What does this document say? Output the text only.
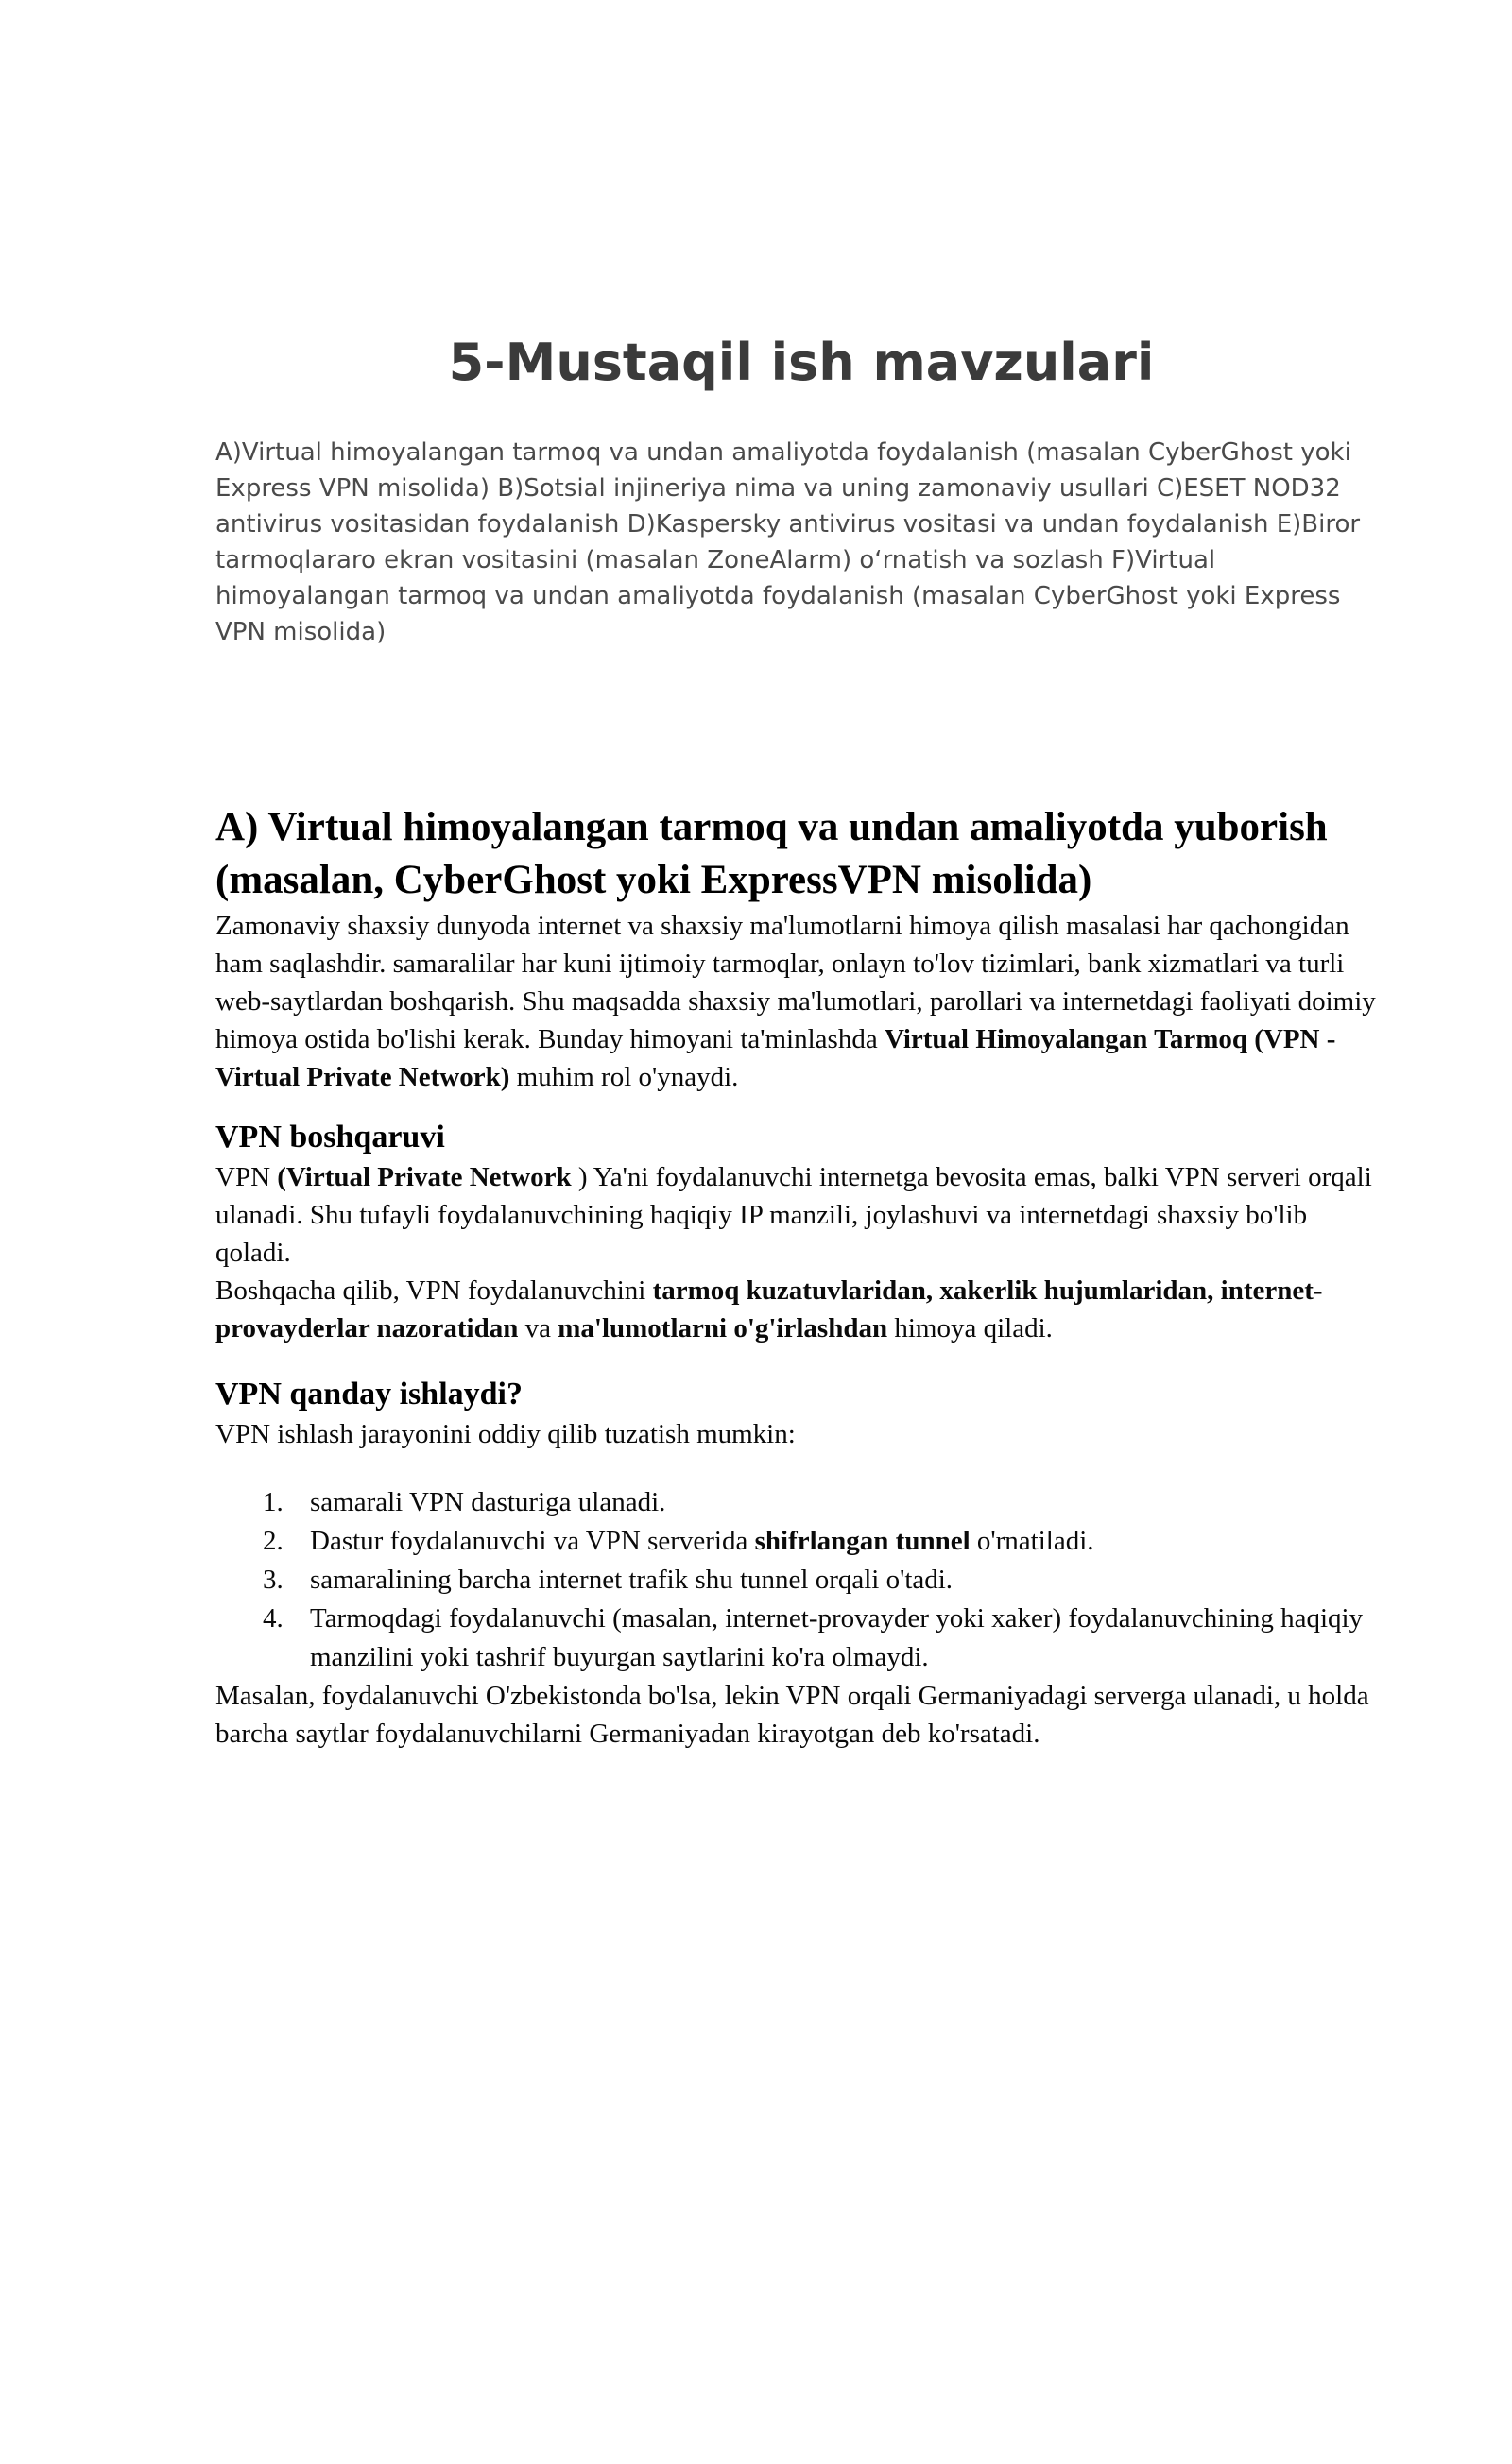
5-Mustaqil ish mavzulari

A)Virtual himoyalangan tarmoq va undan amaliyotda foydalanish (masalan CyberGhost yoki Express VPN misolida) B)Sotsial injineriya nima va uning zamonaviy usullari C)ESET NOD32 antivirus vositasidan foydalanish D)Kaspersky antivirus vositasi va undan foydalanish E)Biror tarmoqlararo ekran vositasini (masalan ZoneAlarm) o‘rnatish va sozlash F)Virtual himoyalangan tarmoq va undan amaliyotda foydalanish (masalan CyberGhost yoki Express VPN misolida)

A) Virtual himoyalangan tarmoq va undan amaliyotda yuborish (masalan, CyberGhost yoki ExpressVPN misolida)

Zamonaviy shaxsiy dunyoda internet va shaxsiy ma'lumotlarni himoya qilish masalasi har qachongidan ham saqlashdir. samaralilar har kuni ijtimoiy tarmoqlar, onlayn to'lov tizimlari, bank xizmatlari va turli web-saytlardan boshqarish. Shu maqsadda shaxsiy ma'lumotlari, parollari va internetdagi faoliyati doimiy himoya ostida bo'lishi kerak. Bunday himoyani ta'minlashda Virtual Himoyalangan Tarmoq (VPN - Virtual Private Network) muhim rol o'ynaydi.

VPN boshqaruvi

VPN (Virtual Private Network ) Ya'ni foydalanuvchi internetga bevosita emas, balki VPN serveri orqali ulanadi. Shu tufayli foydalanuvchining haqiqiy IP manzili, joylashuvi va internetdagi shaxsiy bo'lib qoladi.

Boshqacha qilib, VPN foydalanuvchini tarmoq kuzatuvlaridan, xakerlik hujumlaridan, internet-provayderlar nazoratidan va ma'lumotlarni o'g'irlashdan himoya qiladi.

VPN qanday ishlaydi?

VPN ishlash jarayonini oddiy qilib tuzatish mumkin:

1. samarali VPN dasturiga ulanadi.
2. Dastur foydalanuvchi va VPN serverida shifrlangan tunnel o'rnatiladi.
3. samaralining barcha internet trafik shu tunnel orqali o'tadi.
4. Tarmoqdagi foydalanuvchi (masalan, internet-provayder yoki xaker) foydalanuvchining haqiqiy manzilini yoki tashrif buyurgan saytlarini ko'ra olmaydi.

Masalan, foydalanuvchi O'zbekistonda bo'lsa, lekin VPN orqali Germaniyadagi serverga ulanadi, u holda barcha saytlar foydalanuvchilarni Germaniyadan kirayotgan deb ko'rsatadi.
